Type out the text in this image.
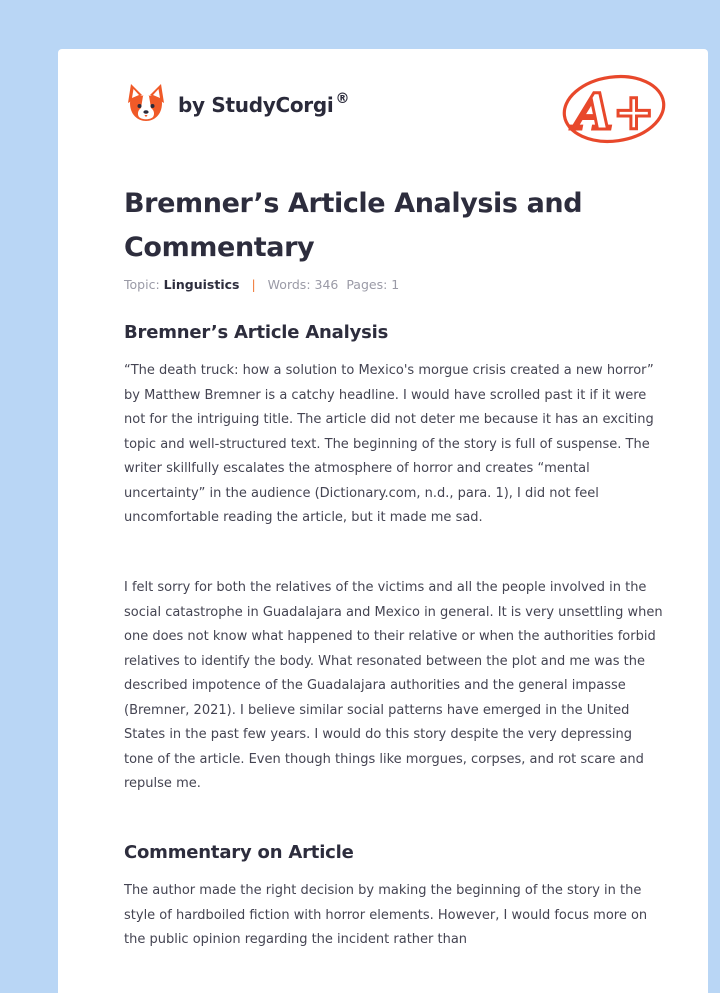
by StudyCorgi ®	A+
Bremner’s Article Analysis and Commentary
Topic: Linguistics | Words: 346 Pages: 1
Bremner’s Article Analysis

“The death truck: how a solution to Mexico's morgue crisis created a new horror” by Matthew Bremner is a catchy headline. I would have scrolled past it if it were not for the intriguing title. The article did not deter me because it has an exciting topic and well-structured text. The beginning of the story is full of suspense. The writer skillfully escalates the atmosphere of horror and creates “mental uncertainty” in the audience (Dictionary.com, n.d., para. 1), I did not feel uncomfortable reading the article, but it made me sad.

I felt sorry for both the relatives of the victims and all the people involved in the social catastrophe in Guadalajara and Mexico in general. It is very unsettling when one does not know what happened to their relative or when the authorities forbid relatives to identify the body. What resonated between the plot and me was the described impotence of the Guadalajara authorities and the general impasse (Bremner, 2021). I believe similar social patterns have emerged in the United States in the past few years. I would do this story despite the very depressing tone of the article. Even though things like morgues, corpses, and rot scare and repulse me.

Commentary on Article

The author made the right decision by making the beginning of the story in the style of hardboiled fiction with horror elements. However, I would focus more on the public opinion regarding the incident rather than
